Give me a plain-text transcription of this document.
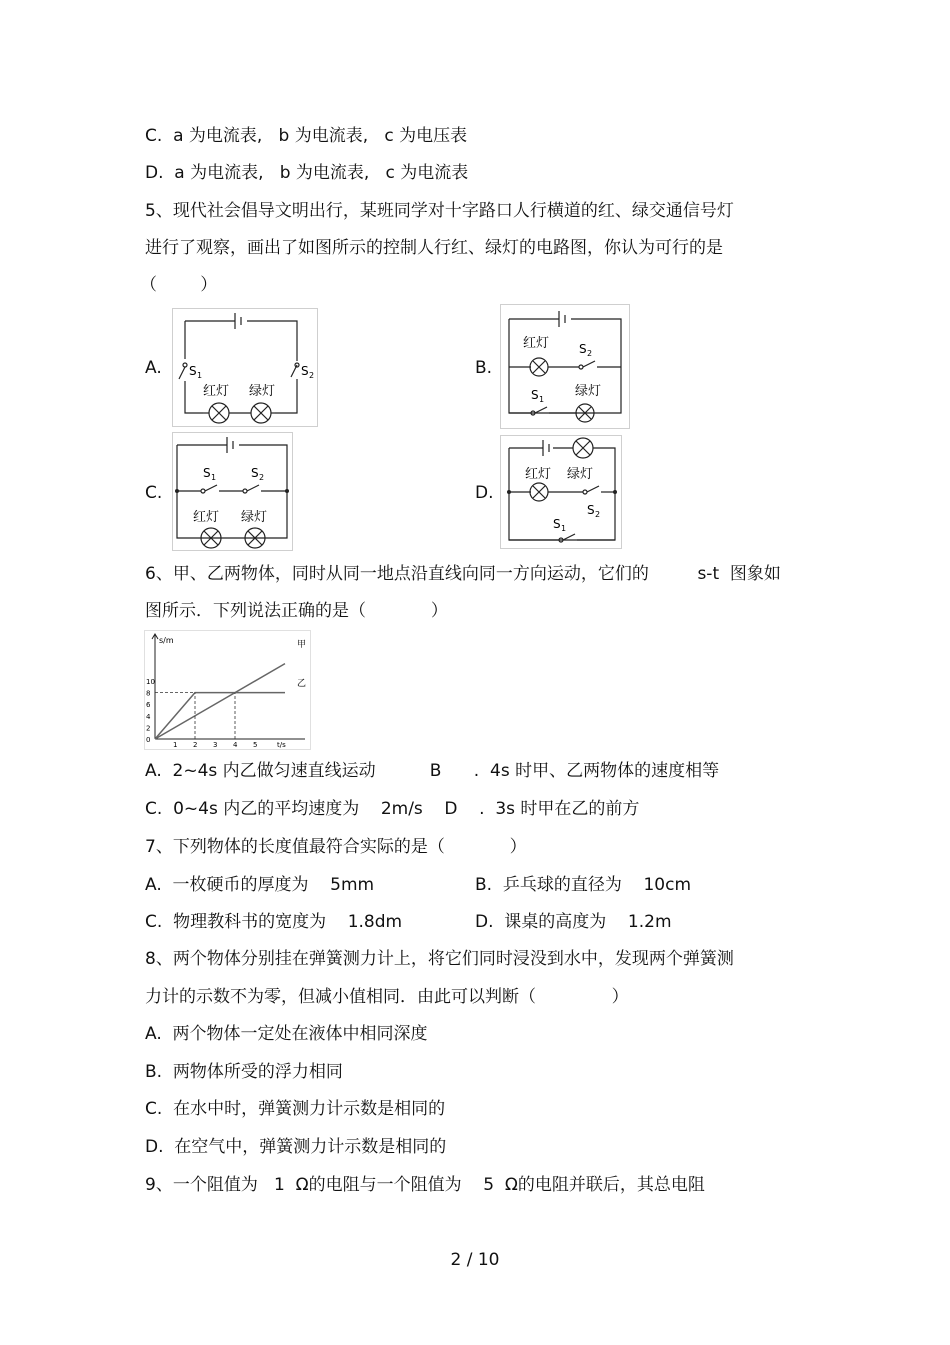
C.  a 为电流表,   b 为电流表,   c 为电压表
D.  a 为电流表,   b 为电流表,   c 为电流表
5、现代社会倡导文明出行，某班同学对十字路口人行横道的红、绿交通信号灯
进行了观察，画出了如图所示的控制人行红、绿灯的电路图，你认为可行的是
（        ）
A. S 1	S 2
红灯 绿灯
B.
红灯 S 2
S 1
绿灯
C.
S 1	S 2
红灯 绿灯
D.
红灯 绿灯
S 2
S 1
6、甲、乙两物体，同时从同一地点沿直线向同一方向运动，它们的         s-t  图象如
图所示．下列说法正确的是（            ）
s/m
t/s
甲
乙
10
8
6
4
2
0
1 2 3 4 5
A.  2~4s 内乙做匀速直线运动          B      .  4s 时甲、乙两物体的速度相等
C.  0~4s 内乙的平均速度为    2m/s    D    .  3s 时甲在乙的前方
7、下列物体的长度值最符合实际的是（            ）
A.  一枚硬币的厚度为    5mm	B.  乒乓球的直径为    10cm
C.  物理教科书的宽度为    1.8dm	D.  课桌的高度为    1.2m
8、两个物体分别挂在弹簧测力计上，将它们同时浸没到水中，发现两个弹簧测
力计的示数不为零，但减小值相同．由此可以判断（              ）
A.  两个物体一定处在液体中相同深度
B.  两物体所受的浮力相同
C.  在水中时，弹簧测力计示数是相同的
D.  在空气中，弹簧测力计示数是相同的
9、一个阻值为   1  Ω的电阻与一个阻值为    5  Ω的电阻并联后，其总电阻
2 / 10
